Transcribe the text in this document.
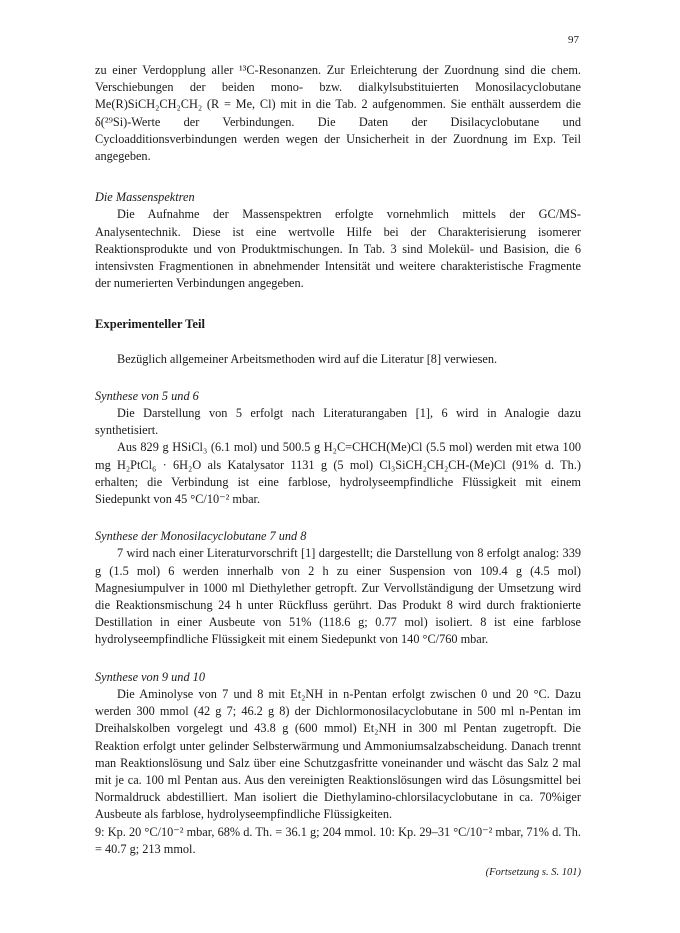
97

zu einer Verdopplung aller ¹³C-Resonanzen. Zur Erleichterung der Zuordnung sind die chem. Verschiebungen der beiden mono- bzw. dialkylsubstituierten Monosilacyclobutane Me(R)SiCH₂CH₂CH₂ (R = Me, Cl) mit in die Tab. 2 aufgenommen. Sie enthält ausserdem die δ(²⁹Si)-Werte der Verbindungen. Die Daten der Disilacyclobutane und Cycloadditionsverbindungen werden wegen der Unsicherheit in der Zuordnung im Exp. Teil angegeben.

Die Massenspektren

Die Aufnahme der Massenspektren erfolgte vornehmlich mittels der GC/MS-Analysentechnik. Diese ist eine wertvolle Hilfe bei der Charakterisierung isomerer Reaktionsprodukte und von Produktmischungen. In Tab. 3 sind Molekül- und Basision, die 6 intensivsten Fragmentionen in abnehmender Intensität und weitere charakteristische Fragmente der numerierten Verbindungen angegeben.

Experimenteller Teil

Bezüglich allgemeiner Arbeitsmethoden wird auf die Literatur [8] verwiesen.

Synthese von 5 und 6

Die Darstellung von 5 erfolgt nach Literaturangaben [1], 6 wird in Analogie dazu synthetisiert.

Aus 829 g HSiCl₃ (6.1 mol) und 500.5 g H₂C=CHCH(Me)Cl (5.5 mol) werden mit etwa 100 mg H₂PtCl₆ · 6H₂O als Katalysator 1131 g (5 mol) Cl₃SiCH₂CH₂CH-(Me)Cl (91% d. Th.) erhalten; die Verbindung ist eine farblose, hydrolyseempfindliche Flüssigkeit mit einem Siedepunkt von 45 °C/10⁻² mbar.

Synthese der Monosilacyclobutane 7 und 8

7 wird nach einer Literaturvorschrift [1] dargestellt; die Darstellung von 8 erfolgt analog: 339 g (1.5 mol) 6 werden innerhalb von 2 h zu einer Suspension von 109.4 g (4.5 mol) Magnesiumpulver in 1000 ml Diethylether getropft. Zur Vervollständigung der Umsetzung wird die Reaktionsmischung 24 h unter Rückfluss gerührt. Das Produkt 8 wird durch fraktionierte Destillation in einer Ausbeute von 51% (118.6 g; 0.77 mol) isoliert. 8 ist eine farblose hydrolyseempfindliche Flüssigkeit mit einem Siedepunkt von 140 °C/760 mbar.

Synthese von 9 und 10

Die Aminolyse von 7 und 8 mit Et₂NH in n-Pentan erfolgt zwischen 0 und 20 °C. Dazu werden 300 mmol (42 g 7; 46.2 g 8) der Dichlormonosilacyclobutane in 500 ml n-Pentan im Dreihalskolben vorgelegt und 43.8 g (600 mmol) Et₂NH in 300 ml Pentan zugetropft. Die Reaktion erfolgt unter gelinder Selbsterwärmung und Ammoniumsalzabscheidung. Danach trennt man Reaktionslösung und Salz über eine Schutzgasfritte voneinander und wäscht das Salz 2 mal mit je ca. 100 ml Pentan aus. Aus den vereinigten Reaktionslösungen wird das Lösungsmittel bei Normaldruck abdestilliert. Man isoliert die Diethylamino-chlorsilacyclobutane in ca. 70%iger Ausbeute als farblose, hydrolyseempfindliche Flüssigkeiten.

9: Kp. 20 °C/10⁻² mbar, 68% d. Th. = 36.1 g; 204 mmol. 10: Kp. 29–31 °C/10⁻² mbar, 71% d. Th. = 40.7 g; 213 mmol.

(Fortsetzung s. S. 101)
